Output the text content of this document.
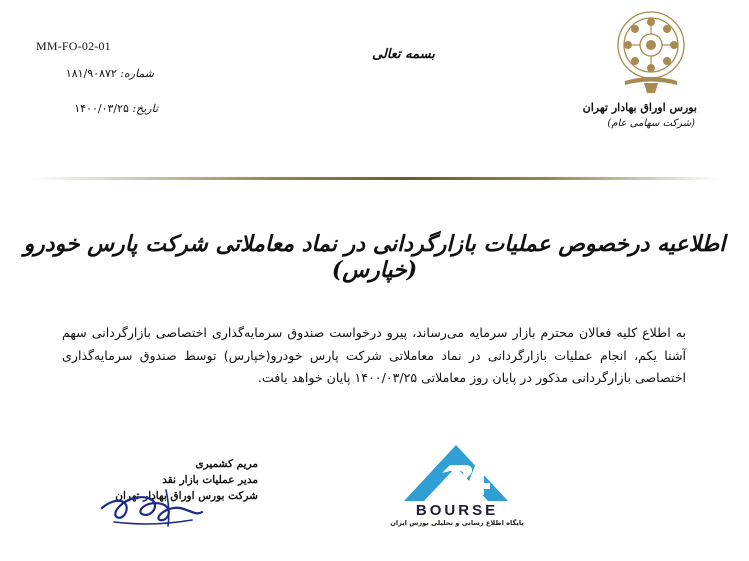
MM-FO-02-01
شماره: ۱۸۱/۹۰۸۷۲
تاریخ: ۱۴۰۰/۰۳/۲۵
بسمه تعالی
بورس اوراق بهادار تهران
(شرکت سهامی عام)
اطلاعیه درخصوص عملیات بازارگردانی در نماد معاملاتی شرکت پارس خودرو (خپارس)
به اطلاع کلیه فعالان محترم بازار سرمایه می‌رساند، پیرو درخواست صندوق سرمایه‌گذاری اختصاصی بازارگردانی سهم آشنا یکم، انجام عملیات بازارگردانی در نماد معاملاتی شرکت پارس خودرو(خپارس) توسط صندوق سرمایه‌گذاری اختصاصی بازارگردانی مذکور در پایان روز معاملاتی ۱۴۰۰/۰۳/۲۵ پایان خواهد یافت.
مریم کشمیری
مدیر عملیات بازار نقد
شرکت بورس اوراق بهادار تهران
BOURSE
پایگاه اطلاع رسانی و تحلیلی بورس ایران
